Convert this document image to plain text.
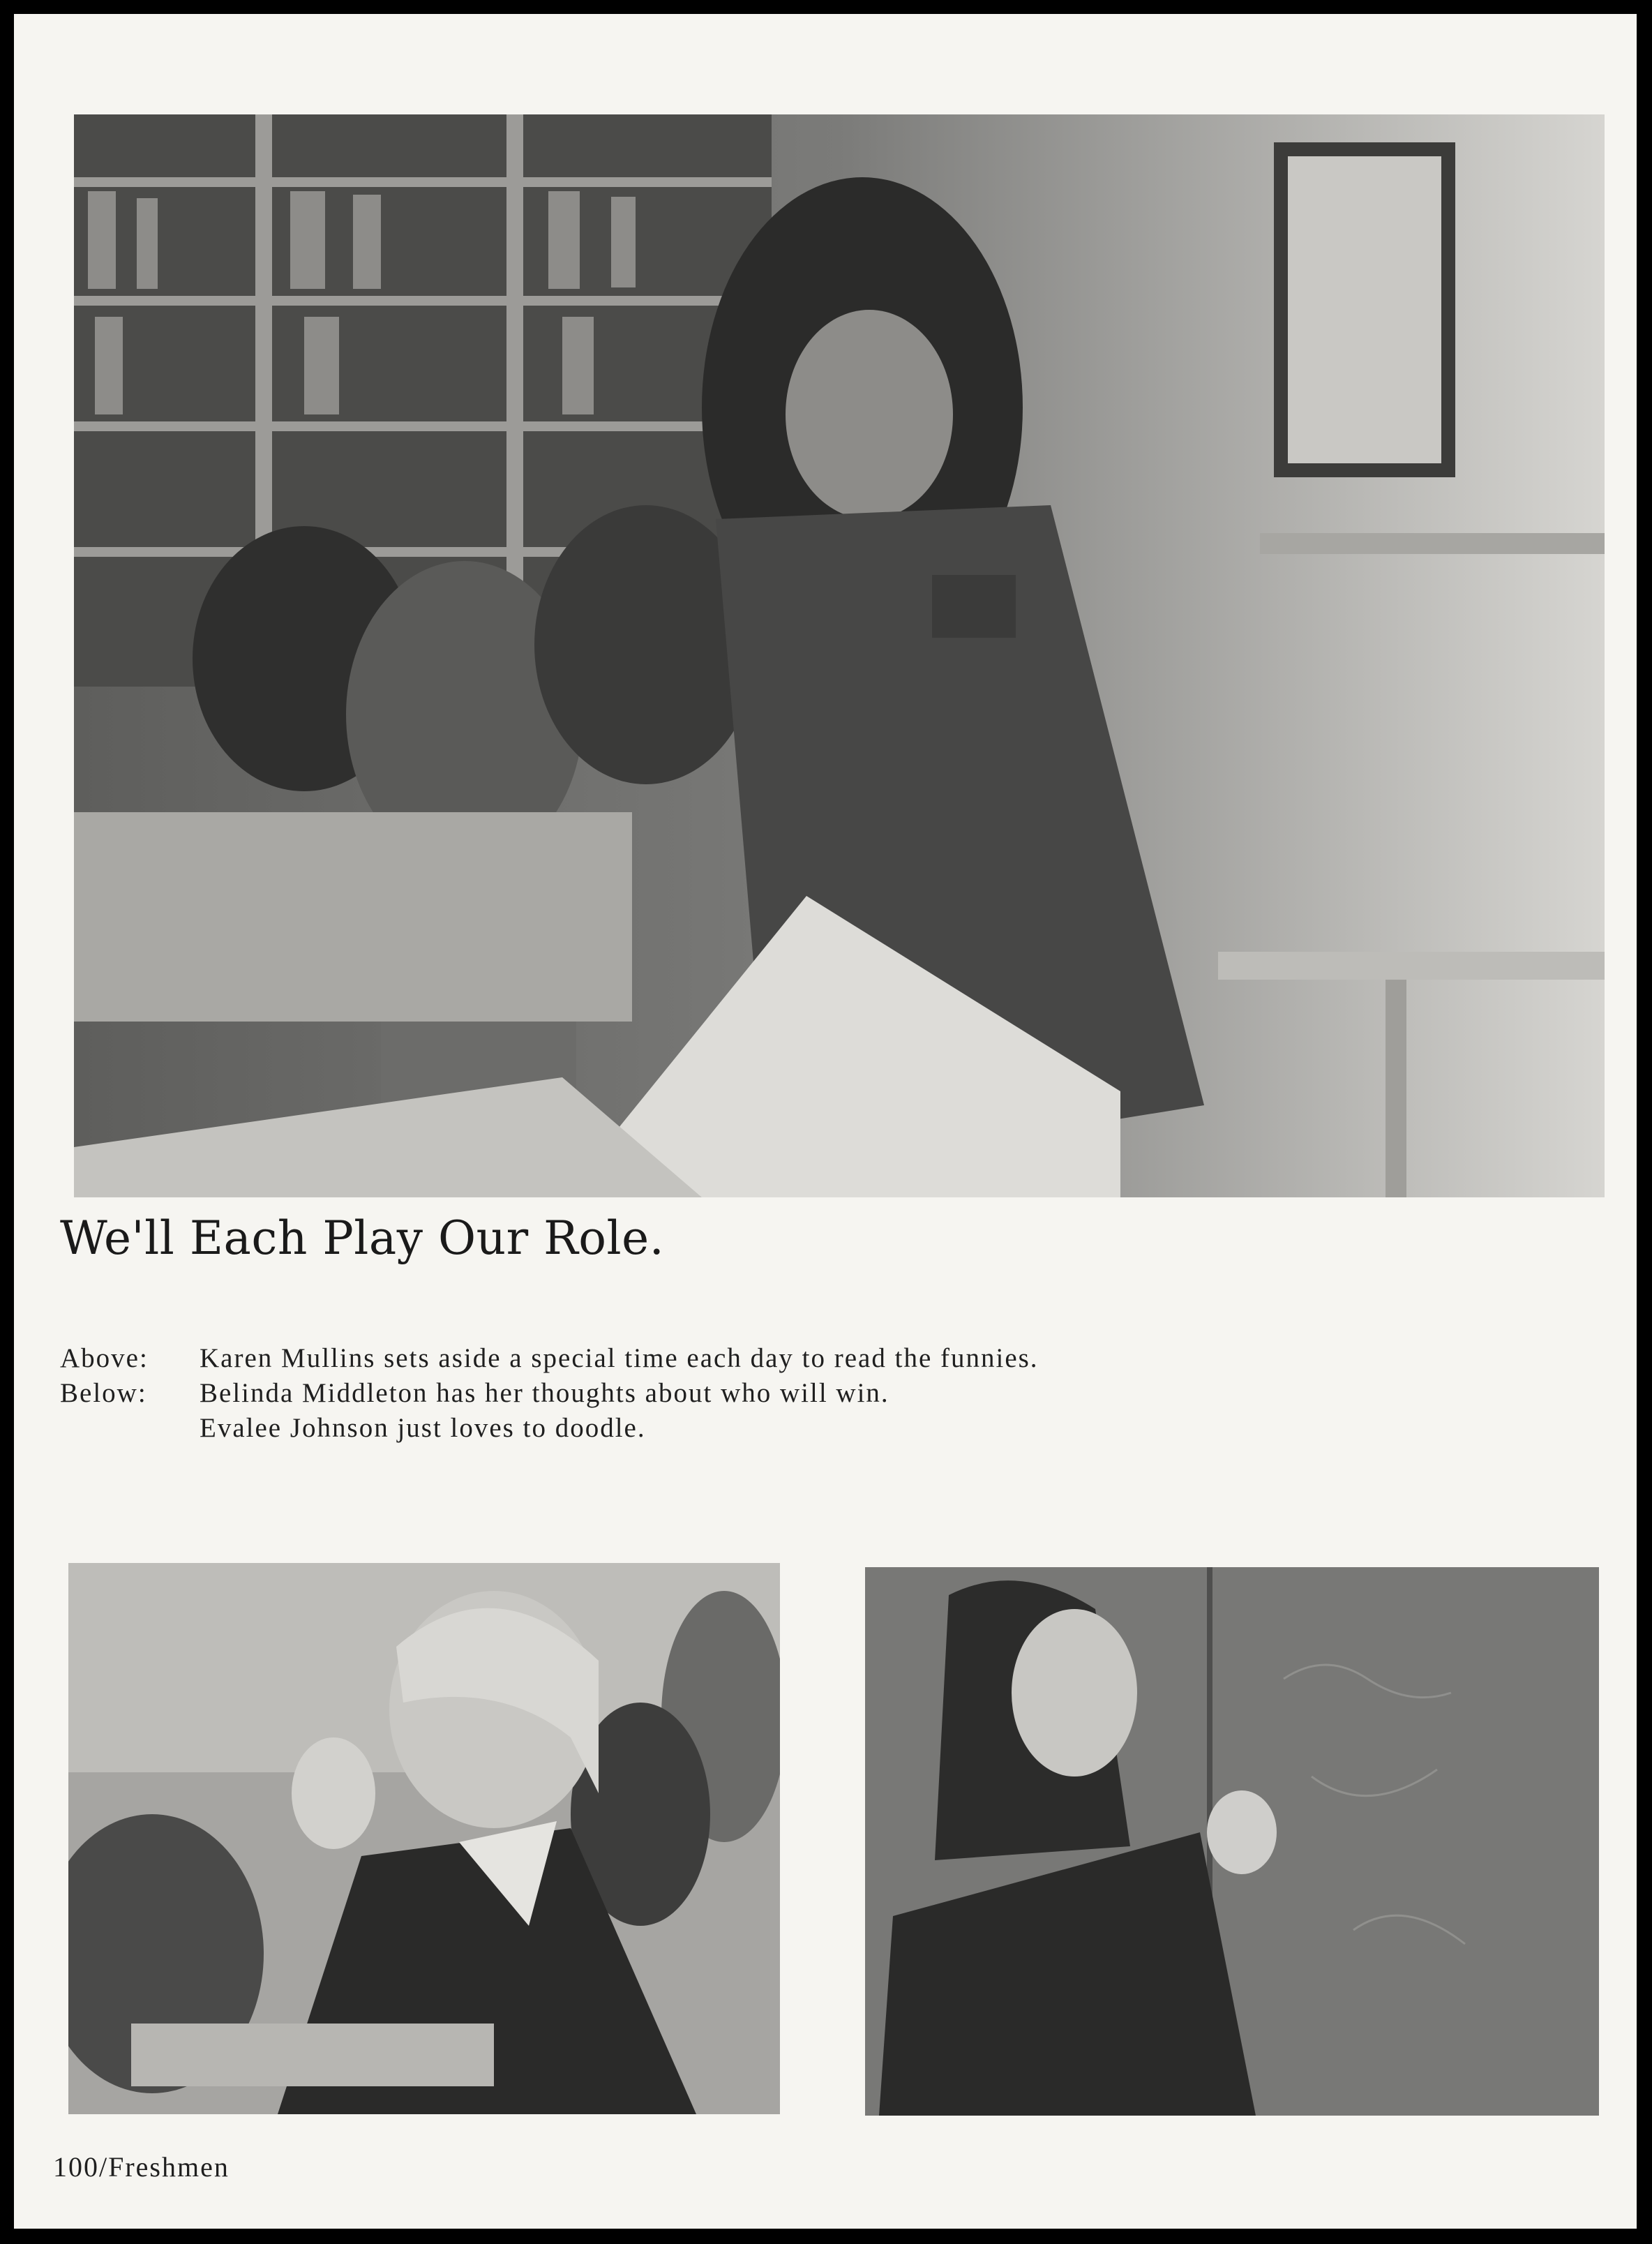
We'll Each Play Our Role.
Above:	Karen Mullins sets aside a special time each day to read the funnies.
Below:	Belinda Middleton has her thoughts about who will win.
Evalee Johnson just loves to doodle.
100/Freshmen
